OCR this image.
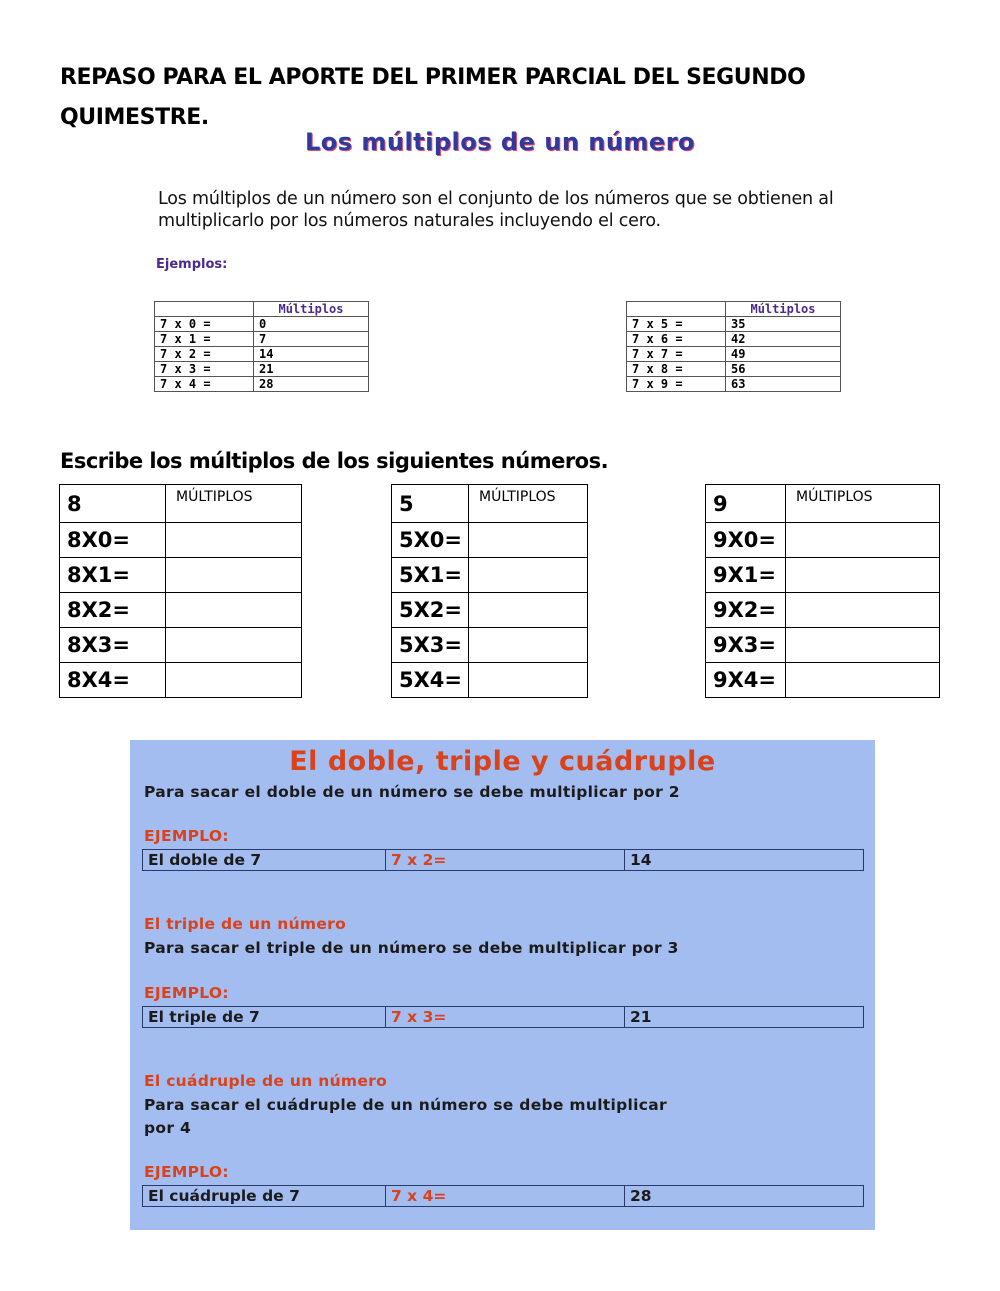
REPASO PARA EL APORTE DEL PRIMER PARCIAL DEL SEGUNDO QUIMESTRE.
Los múltiplos de un número
Los múltiplos de un número son el conjunto de los números que se obtienen al multiplicarlo por los números naturales incluyendo el cero.
Ejemplos:
	Múltiplos
7 x 0 =	0
7 x 1 =	7
7 x 2 =	14
7 x 3 =	21
7 x 4 =	28
	Múltiplos
7 x 5 =	35
7 x 6 =	42
7 x 7 =	49
7 x 8 =	56
7 x 9 =	63
Escribe los múltiplos de los siguientes números.
8	MÚLTIPLOS
8X0=	
8X1=	
8X2=	
8X3=	
8X4=	
5	MÚLTIPLOS
5X0=	
5X1=	
5X2=	
5X3=	
5X4=	
9	MÚLTIPLOS
9X0=	
9X1=	
9X2=	
9X3=	
9X4=	
El doble, triple y cuádruple
Para sacar el doble de un número se debe multiplicar por 2
EJEMPLO:
El doble de 7	7 x 2=	14
El triple de un número
Para sacar el triple de un número se debe multiplicar por 3
EJEMPLO:
El triple de 7	7 x 3=	21
El cuádruple de un número
Para sacar el cuádruple de un número se debe multiplicar
por 4
EJEMPLO:
El cuádruple de 7	7 x 4=	28
